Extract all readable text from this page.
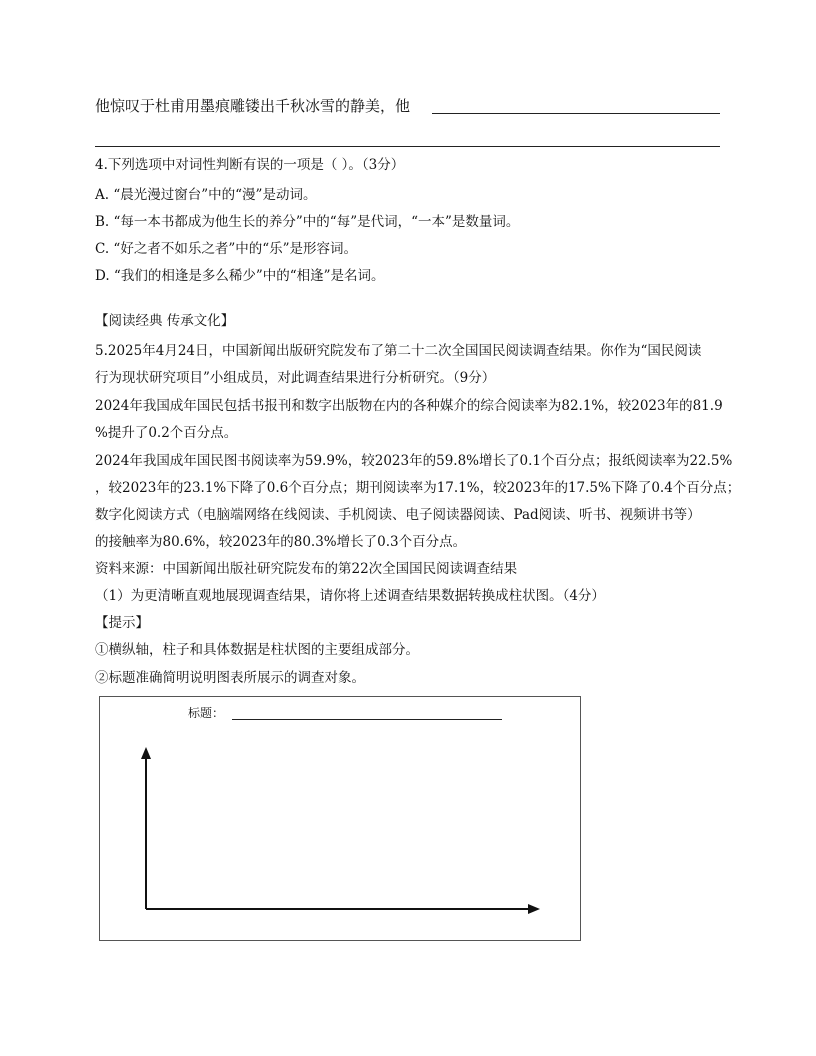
他惊叹于杜甫用墨痕雕镂出千秋冰雪的静美，他
4.下列选项中对词性判断有误的一项是（ ）。（3分）
A. “晨光漫过窗台”中的“漫”是动词。
B. “每一本书都成为他生长的养分”中的“每”是代词，“一本”是数量词。
C. “好之者不如乐之者”中的“乐”是形容词。
D. “我们的相逢是多么稀少”中的“相逢”是名词。
【阅读经典 传承文化】
5.2025年4月24日，中国新闻出版研究院发布了第二十二次全国国民阅读调查结果。你作为“国民阅读
行为现状研究项目”小组成员，对此调查结果进行分析研究。（9分）
2024年我国成年国民包括书报刊和数字出版物在内的各种媒介的综合阅读率为82.1%，较2023年的81.9
%提升了0.2个百分点。
2024年我国成年国民图书阅读率为59.9%，较2023年的59.8%增长了0.1个百分点；报纸阅读率为22.5%
，较2023年的23.1%下降了0.6个百分点；期刊阅读率为17.1%，较2023年的17.5%下降了0.4个百分点；
数字化阅读方式（电脑端网络在线阅读、手机阅读、电子阅读器阅读、Pad阅读、听书、视频讲书等）
的接触率为80.6%，较2023年的80.3%增长了0.3个百分点。
资料来源：中国新闻出版社研究院发布的第22次全国国民阅读调查结果
（1）为更清晰直观地展现调查结果，请你将上述调查结果数据转换成柱状图。（4分）
【提示】
①横纵轴，柱子和具体数据是柱状图的主要组成部分。
②标题准确简明说明图表所展示的调查对象。
标题：
